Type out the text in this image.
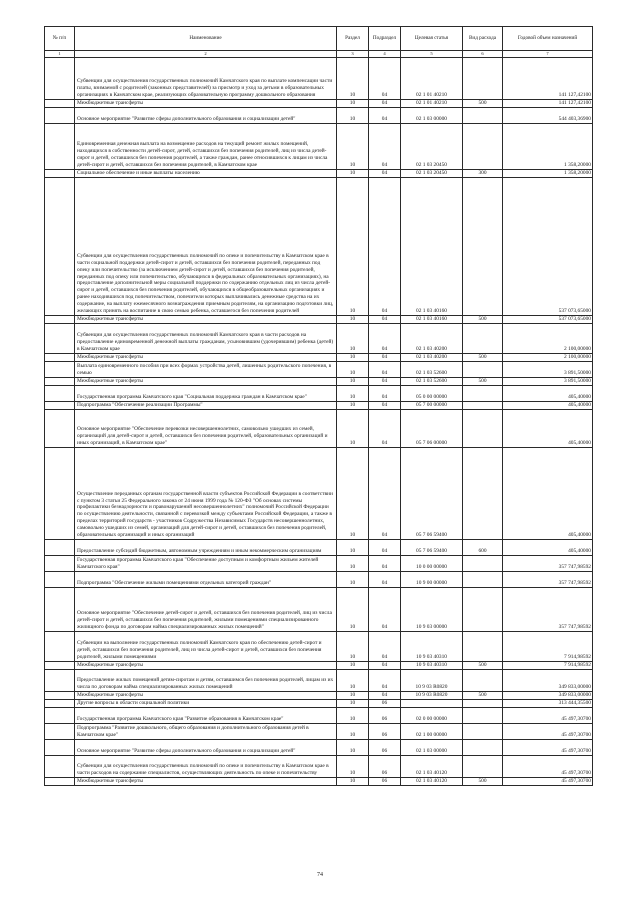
№ п/п	Наименование	Раздел	Подраздел	Целевая статья	Вид расхода	Годовой объем назначений
1	2	3	4	5	6	7
	Субвенции для осуществления государственных полномочий Камчатского края по выплате компенсации части платы, взимаемой с родителей (законных представителей) за присмотр и уход за детьми в образовательных организациях в Камчатском крае, реализующих образовательную программу дошкольного образования	10	04	02 1 01 40210		141 127,42100
	Межбюджетные трансферты	10	04	02 1 01 40210	500	141 127,42100
	Основное мероприятие "Развитие сферы дополнительного образования и социализации детей"	10	04	02 1 03 00000		544 403,36900
	Единовременная денежная выплата на возмещение расходов на текущий ремонт жилых помещений, находящихся в собственности детей-сирот, детей, оставшихся без попечения родителей, лиц из числа детей-сирот и детей, оставшихся без попечения родителей, а также граждан, ранее относившихся к лицам из числа детей-сирот и детей, оставшихся без попечения родителей, в Камчатском крае	10	04	02 1 03 20450		1 358,20000
	Социальное обеспечение и иные выплаты населению	10	04	02 1 03 20450	300	1 358,20000
	Субвенции для осуществления государственных полномочий по опеке и попечительству в Камчатском крае в части социальной поддержки детей-сирот и детей, оставшихся без попечения родителей, переданных под опеку или попечительство (за исключением детей-сирот и детей, оставшихся без попечения родителей, переданных под опеку или попечительство, обучающихся в федеральных образовательных организациях), на предоставление дополнительной меры социальной поддержки по содержанию отдельных лиц из числа детей-сирот и детей, оставшихся без попечения родителей, обучающихся в общеобразовательных организациях и ранее находившихся под попечительством, попечители которых выплачивались денежные средства на их содержание, на выплату ежемесячного вознаграждения приемным родителям, на организацию подготовки лиц, желающих принять на воспитание в свою семью ребенка, оставшегося без попечения родителей	10	04	02 1 03 40160		537 073,65000
	Межбюджетные трансферты	10	04	02 1 03 40160	500	537 073,65000
	Субвенции для осуществления государственных полномочий Камчатского края в части расходов на предоставление единовременной денежной выплаты гражданам, усыновившим (удочерившим) ребенка (детей) в Камчатском крае	10	04	02 1 03 40200		2 100,00000
	Межбюджетные трансферты	10	04	02 1 03 40200	500	2 100,00000
	Выплата единовременного пособия при всех формах устройства детей, лишенных родительского попечения, в семью	10	04	02 1 03 52600		3 891,50000
	Межбюджетные трансферты	10	04	02 1 03 52600	500	3 891,50000
	Государственная программа Камчатского края "Социальная поддержка граждан в Камчатском крае"	10	04	05 0 00 00000		405,40000
	Подпрограмма "Обеспечение реализации Программы"	10	04	05 7 00 00000		405,40000
	Основное мероприятие "Обеспечение перевозки несовершеннолетних, самовольно ушедших из семей, организаций для детей-сирот и детей, оставшихся без попечения родителей, образовательных организаций и иных организаций, в Камчатском крае"	10	04	05 7 06 00000		405,40000
	Осуществление переданных органам государственной власти субъектов Российской Федерации в соответствии с пунктом 3 статьи 25 Федерального закона от 24 июня 1999 года № 120-ФЗ "Об основах системы профилактики безнадзорности и правонарушений несовершеннолетних" полномочий Российской Федерации по осуществлению деятельности, связанной с перевозкой между субъектами Российской Федерации, а также в пределах территорий государств - участников Содружества Независимых Государств несовершеннолетних, самовольно ушедших из семей, организаций для детей-сирот и детей, оставшихся без попечения родителей, образовательных организаций и иных организаций	10	04	05 7 06 59400		405,40000
	Предоставление субсидий бюджетным, автономным учреждениям и иным некоммерческим организациям	10	04	05 7 06 59400	600	405,40000
	Государственная программа Камчатского края "Обеспечение доступным и комфортным жильем жителей Камчатского края"	10	04	10 0 00 00000		357 747,98592
	Подпрограмма "Обеспечение жилыми помещениями отдельных категорий граждан"	10	04	10 9 00 00000		357 747,98592
	Основное мероприятие "Обеспечение детей-сирот и детей, оставшихся без попечения родителей, лиц из числа детей-сирот и детей, оставшихся без попечения родителей, жилыми помещениями специализированного жилищного фонда по договорам найма специализированных жилых помещений"	10	04	10 9 03 00000		357 747,98592
	Субвенции на выполнение государственных полномочий Камчатского края по обеспечению детей-сирот и детей, оставшихся без попечения родителей, лиц из числа детей-сирот и детей, оставшихся без попечения родителей, жилыми помещениями	10	04	10 9 03 40310		7 914,98592
	Межбюджетные трансферты	10	04	10 9 03 40310	500	7 914,98592
	Предоставление жилых помещений детям-сиротам и детям, оставшимся без попечения родителей, лицам из их числа по договорам найма специализированных жилых помещений	10	04	10 9 03 R0820		349 833,00000
	Межбюджетные трансферты	10	04	10 9 03 R0820	500	349 833,00000
	Другие вопросы в области социальной политики	10	06			313 444,35500
	Государственная программа Камчатского края "Развитие образования в Камчатском крае"	10	06	02 0 00 00000		45 497,30700
	Подпрограмма "Развитие дошкольного, общего образования и дополнительного образования детей в Камчатском крае"	10	06	02 1 00 00000		45 497,30700
	Основное мероприятие "Развитие сферы дополнительного образования и социализации детей"	10	06	02 1 03 00000		45 497,30700
	Субвенции для осуществления государственных полномочий по опеке и попечительству в Камчатском крае в части расходов на содержание специалистов, осуществляющих деятельность по опеке и попечительству	10	06	02 1 03 40120		45 497,30700
	Межбюджетные трансферты	10	06	02 1 03 40120	500	45 497,30700
74
